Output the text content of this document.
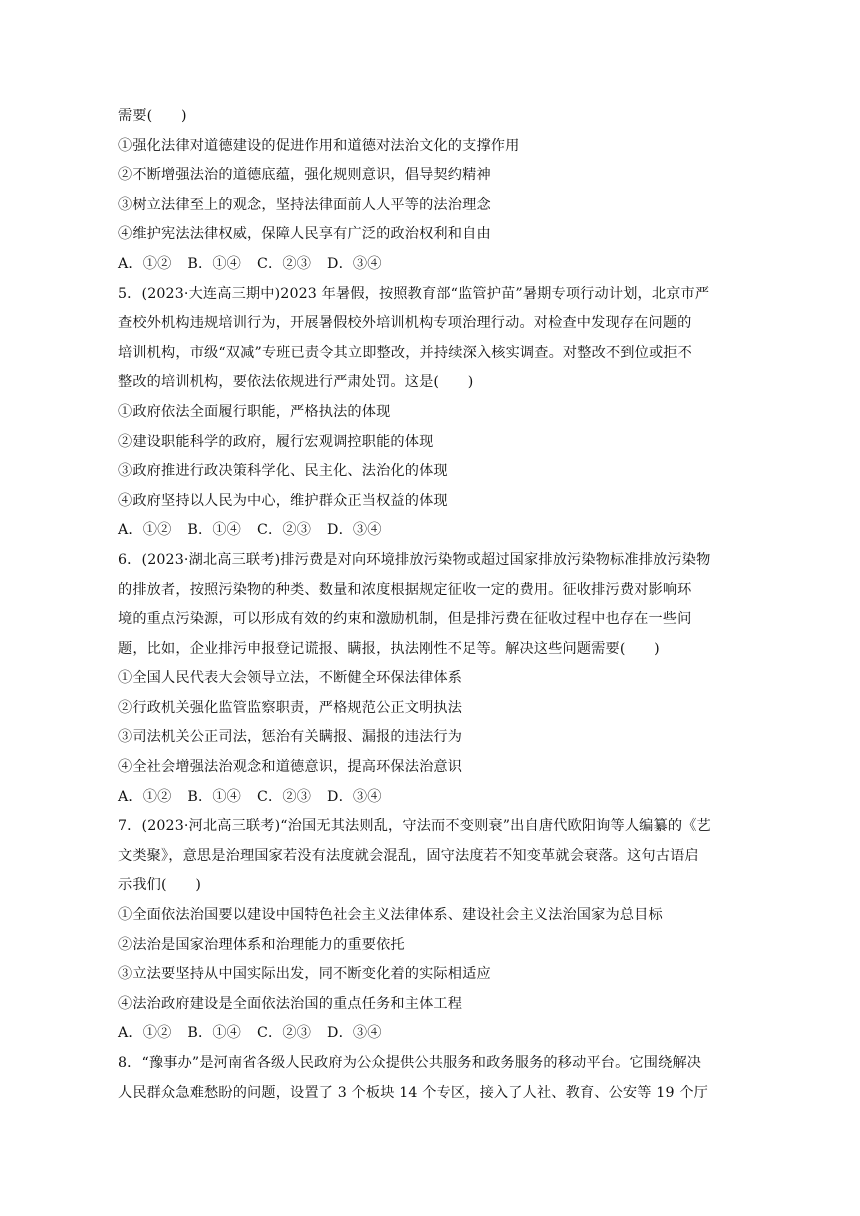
需要(　　)
①强化法律对道德建设的促进作用和道德对法治文化的支撑作用
②不断增强法治的道德底蕴，强化规则意识，倡导契约精神
③树立法律至上的观念，坚持法律面前人人平等的法治理念
④维护宪法法律权威，保障人民享有广泛的政治权利和自由
A．①② B．①④ C．②③ D．③④
5．(2023·大连高三期中)2023 年暑假，按照教育部“监管护苗”暑期专项行动计划，北京市严
查校外机构违规培训行为，开展暑假校外培训机构专项治理行动。对检查中发现存在问题的
培训机构，市级“双减”专班已责令其立即整改，并持续深入核实调查。对整改不到位或拒不
整改的培训机构，要依法依规进行严肃处罚。这是(　　)
①政府依法全面履行职能，严格执法的体现
②建设职能科学的政府，履行宏观调控职能的体现
③政府推进行政决策科学化、民主化、法治化的体现
④政府坚持以人民为中心，维护群众正当权益的体现
A．①② B．①④ C．②③ D．③④
6．(2023·湖北高三联考)排污费是对向环境排放污染物或超过国家排放污染物标准排放污染物
的排放者，按照污染物的种类、数量和浓度根据规定征收一定的费用。征收排污费对影响环
境的重点污染源，可以形成有效的约束和激励机制，但是排污费在征收过程中也存在一些问
题，比如，企业排污申报登记谎报、瞒报，执法刚性不足等。解决这些问题需要(　　)
①全国人民代表大会领导立法，不断健全环保法律体系
②行政机关强化监管监察职责，严格规范公正文明执法
③司法机关公正司法，惩治有关瞒报、漏报的违法行为
④全社会增强法治观念和道德意识，提高环保法治意识
A．①② B．①④ C．②③ D．③④
7．(2023·河北高三联考)“治国无其法则乱，守法而不变则衰”出自唐代欧阳询等人编纂的《艺
文类聚》，意思是治理国家若没有法度就会混乱，固守法度若不知变革就会衰落。这句古语启
示我们(　　)
①全面依法治国要以建设中国特色社会主义法律体系、建设社会主义法治国家为总目标
②法治是国家治理体系和治理能力的重要依托
③立法要坚持从中国实际出发，同不断变化着的实际相适应
④法治政府建设是全面依法治国的重点任务和主体工程
A．①② B．①④ C．②③ D．③④
8．“豫事办”是河南省各级人民政府为公众提供公共服务和政务服务的移动平台。它围绕解决
人民群众急难愁盼的问题，设置了 3 个板块 14 个专区，接入了人社、教育、公安等 19 个厅
